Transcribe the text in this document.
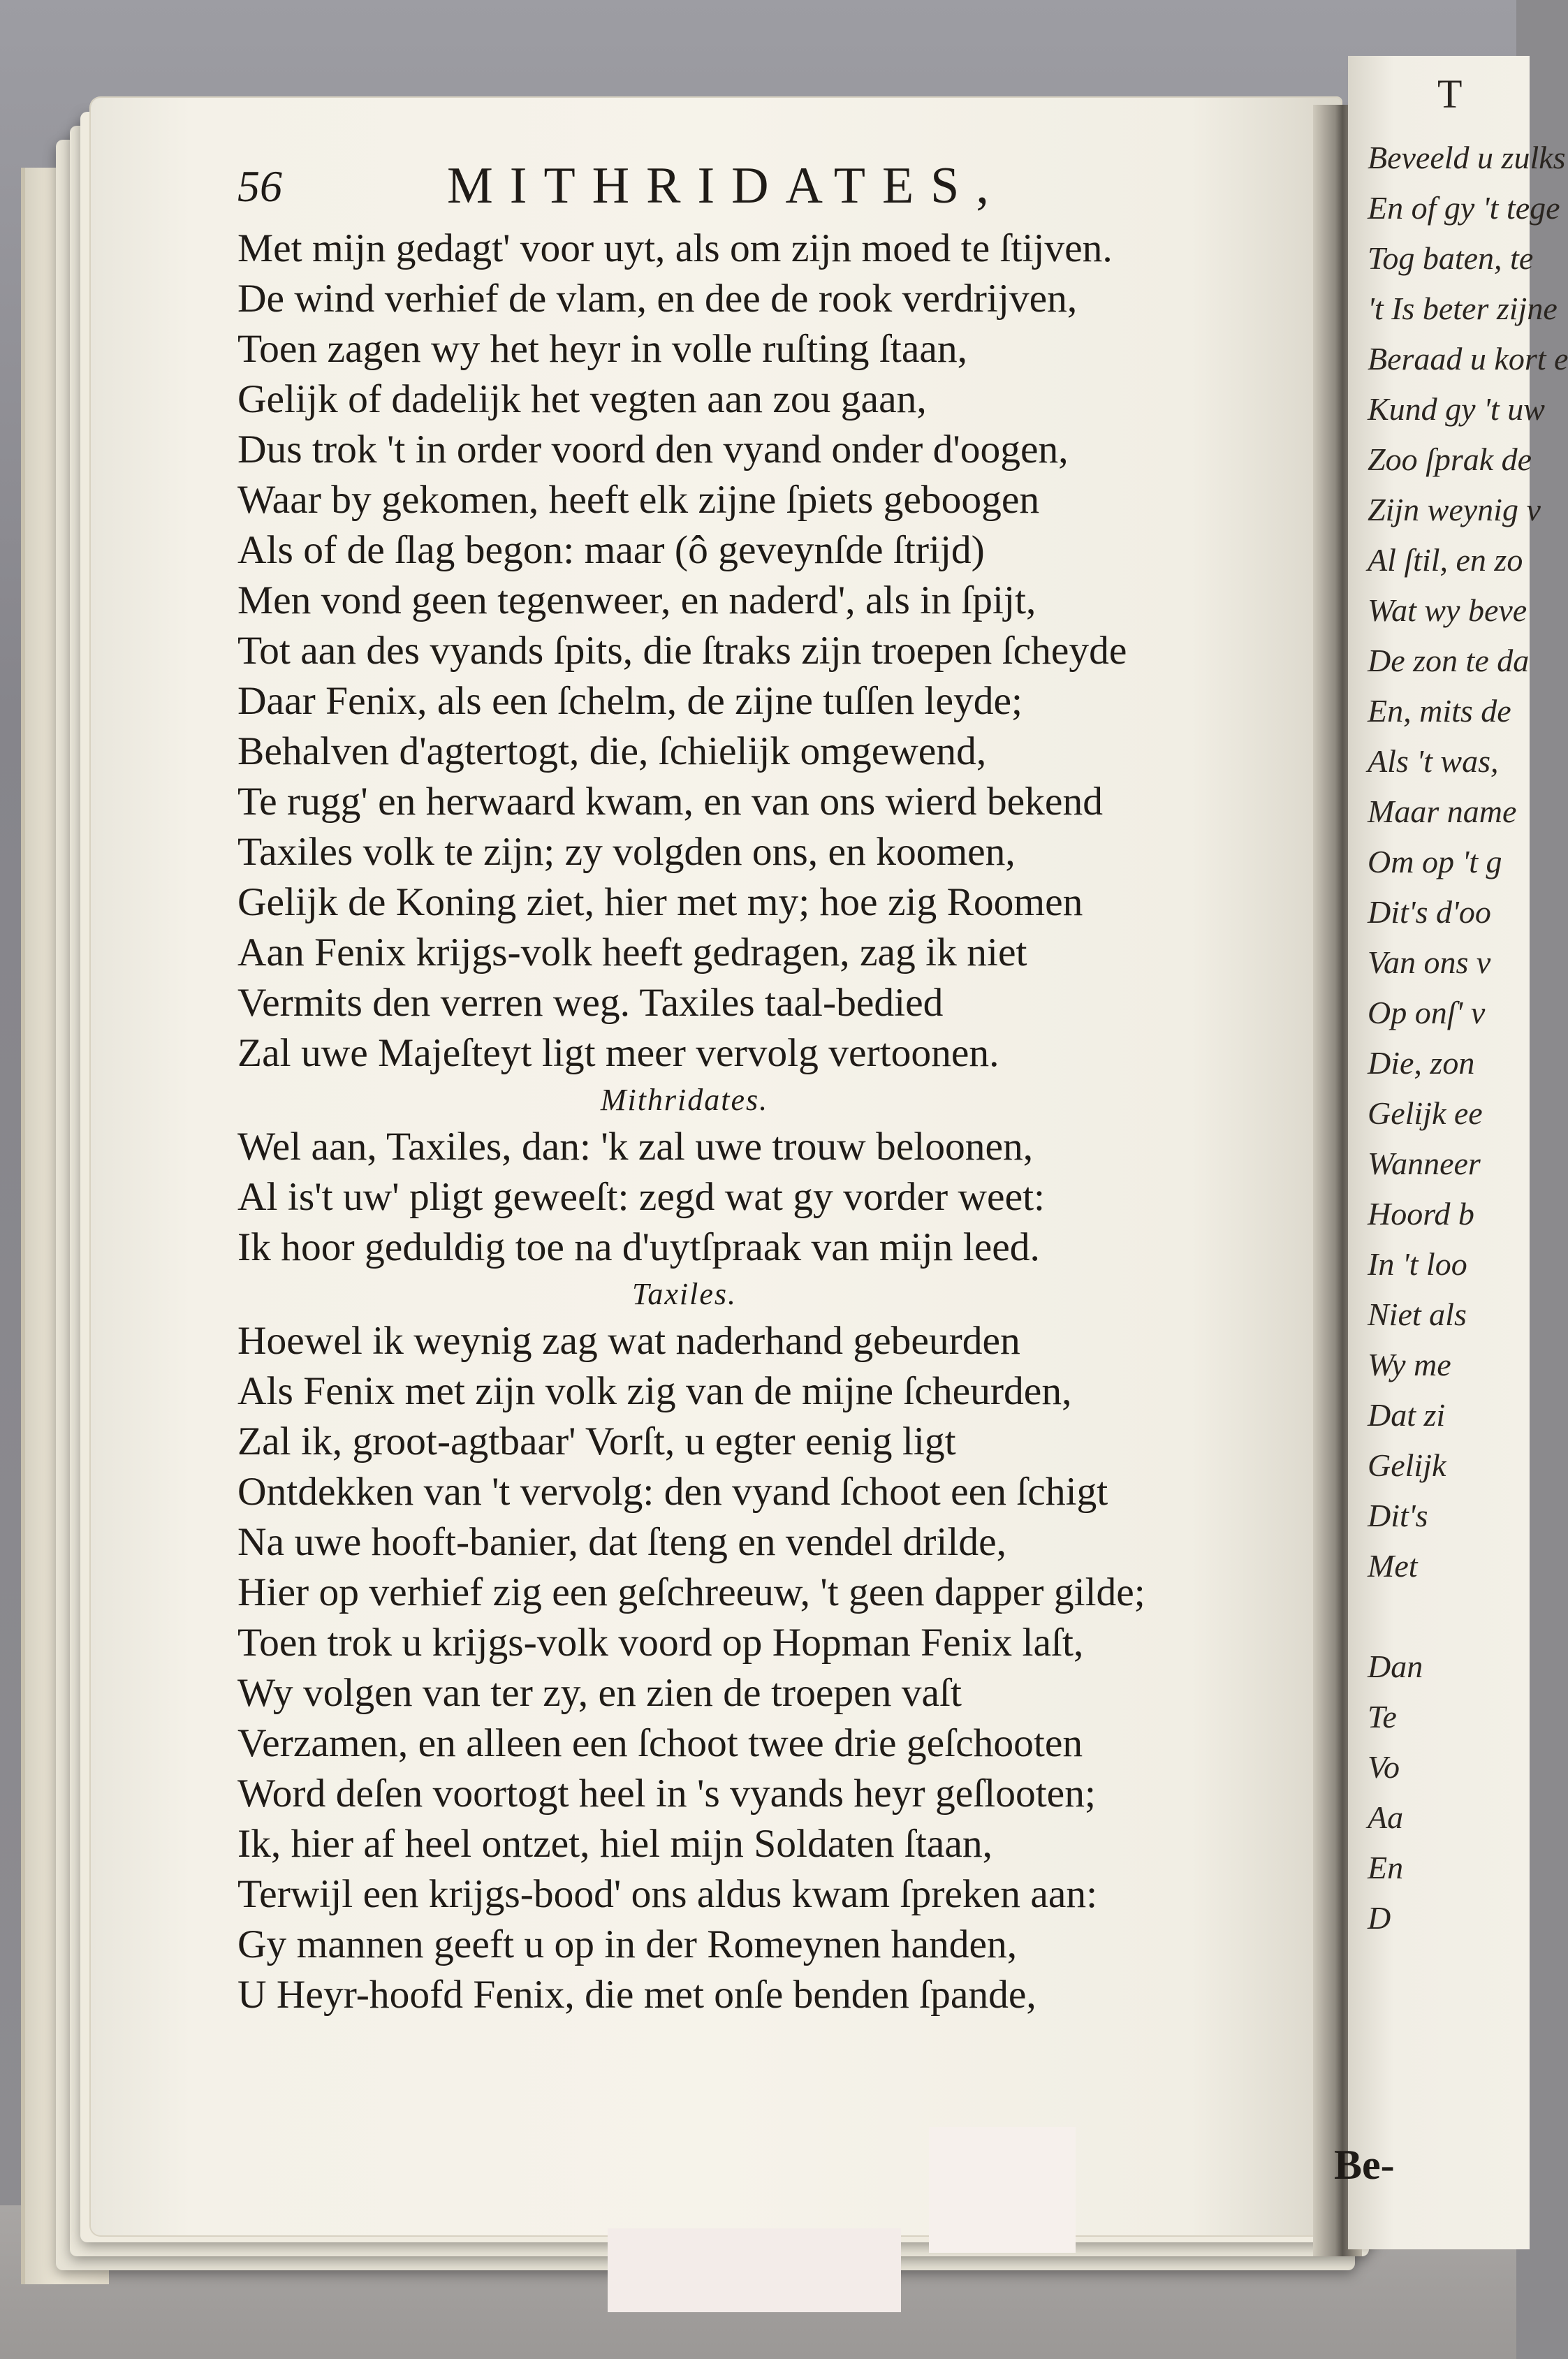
56	MITHRIDATES,
Met mijn gedagt' voor uyt, als om zijn moed te ſtijven.
De wind verhief de vlam, en dee de rook verdrijven,
Toen zagen wy het heyr in volle ruſting ſtaan,
Gelijk of dadelijk het vegten aan zou gaan,
Dus trok 't in order voord den vyand onder d'oogen,
Waar by gekomen, heeft elk zijne ſpiets geboogen
Als of de ſlag begon: maar (ô geveynſde ſtrijd)
Men vond geen tegenweer, en naderd', als in ſpijt,
Tot aan des vyands ſpits, die ſtraks zijn troepen ſcheyde
Daar Fenix, als een ſchelm, de zijne tuſſen leyde;
Behalven d'agtertogt, die, ſchielijk omgewend,
Te rugg' en herwaard kwam, en van ons wierd bekend
Taxiles volk te zijn; zy volgden ons, en koomen,
Gelijk de Koning ziet, hier met my; hoe zig Roomen
Aan Fenix krijgs-volk heeft gedragen, zag ik niet
Vermits den verren weg. Taxiles taal-bedied
Zal uwe Majeſteyt ligt meer vervolg vertoonen.
Mithridates.
Wel aan, Taxiles, dan: 'k zal uwe trouw beloonen,
Al is't uw' pligt geweeſt: zegd wat gy vorder weet:
Ik hoor geduldig toe na d'uytſpraak van mijn leed.
Taxiles.
Hoewel ik weynig zag wat naderhand gebeurden
Als Fenix met zijn volk zig van de mijne ſcheurden,
Zal ik, groot-agtbaar' Vorſt, u egter eenig ligt
Ontdekken van 't vervolg: den vyand ſchoot een ſchigt
Na uwe hooft-banier, dat ſteng en vendel drilde,
Hier op verhief zig een geſchreeuw, 't geen dapper gilde;
Toen trok u krijgs-volk voord op Hopman Fenix laſt,
Wy volgen van ter zy, en zien de troepen vaſt
Verzamen, en alleen een ſchoot twee drie geſchooten
Word deſen voortogt heel in 's vyands heyr geſlooten;
Ik, hier af heel ontzet, hiel mijn Soldaten ſtaan,
Terwijl een krijgs-bood' ons aldus kwam ſpreken aan:
Gy mannen geeft u op in der Romeynen handen,
U Heyr-hoofd Fenix, die met onſe benden ſpande,
Be-
T
Beveeld u zulks
En of gy 't tege
Tog baten, te
't Is beter zijne
Beraad u kort e
Kund gy 't uw
Zoo ſprak de
Zijn weynig v
Al ſtil, en zo
Wat wy beve
De zon te da
En, mits de
Als 't was,
Maar name
Om op 't g
Dit's d'oo
Van ons v
Op onſ' v
Die, zon
Gelijk ee
Wanneer
Hoord b
In 't loo
Niet als
Wy me
Dat zi
Gelijk
Dit's
Met
Dan
Te
Vo
Aa
En
D
